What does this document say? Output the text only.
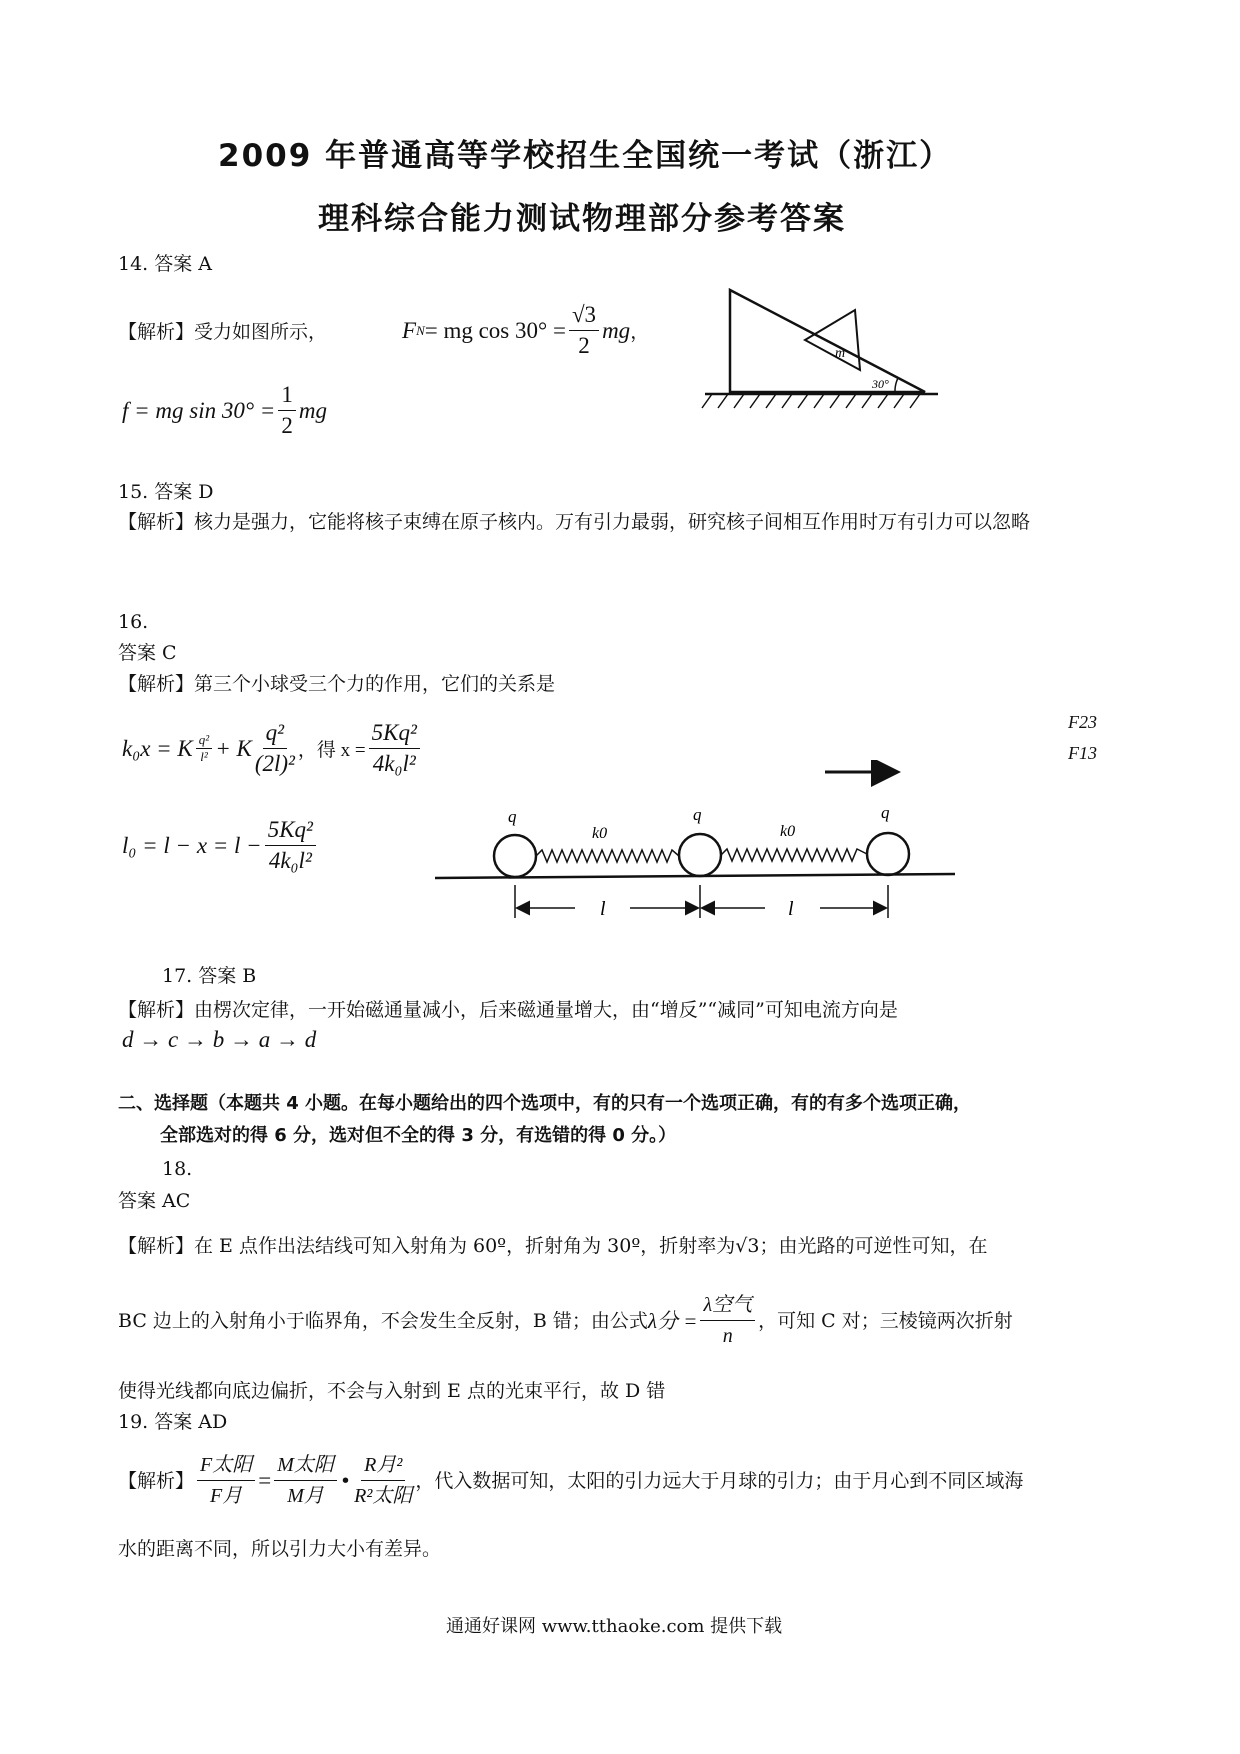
2009 年普通高等学校招生全国统一考试（浙江）
理科综合能力测试物理部分参考答案
14. 答案 A
【解析】受力如图所示，	F N = mg $\cos 30^\circ = \frac{√3}{2}$ mg ，
f = mg $\sin 30^\circ = \frac{1}{2}$ mg
m
30°
15. 答案 D
【解析】核力是强力，它能将核子束缚在原子核内。万有引力最弱，研究核子间相互作用时万有引力可以忽略
16.
答案 C
【解析】第三个小球受三个力的作用，它们的关系是
k₀x = K $\frac{\text{q²}}{\text{l²}} + K \frac{\text{q²}}{\text{(2l)²}}$ ，得 $x = \frac{\text{5Kq²}}{\text{4k₀l²}}$
$l_0 = l - x = l - \frac{\text{5Kq²}}{\text{4k₀l²}}$
F23
F13
q	q	q
k0	k0
l	l
17. 答案 B
【解析】由楞次定律，一开始磁通量减小，后来磁通量增大，由“增反”“减同”可知电流方向是
d → c → b → a → d
二、选择题（本题共 4 小题。在每小题给出的四个选项中，有的只有一个选项正确，有的有多个选项正确，
全部选对的得 6 分，选对但不全的得 3 分，有选错的得 0 分。）
18.
答案 AC
【解析】在 E 点作出法结线可知入射角为 60º，折射角为 30º，折射率为√3；由光路的可逆性可知，在
BC 边上的入射角小于临界角，不会发生全反射，B 错；由公式 λ分 = $\frac{\text{λ空气}}{n}$ ，可知 C 对；三棱镜两次折射
使得光线都向底边偏折，不会与入射到 E 点的光束平行，故 D 错
19. 答案 AD
【解析】 $\frac{\text{F太阳}}{\text{F月}} = \frac{\text{M太阳}}{\text{M月}}$ • $\frac{\text{R月²}}{\text{R²太阳}}$ ，代入数据可知，太阳的引力远大于月球的引力；由于月心到不同区域海
水的距离不同，所以引力大小有差异。
通通好课网 www.tthaoke.com 提供下载
